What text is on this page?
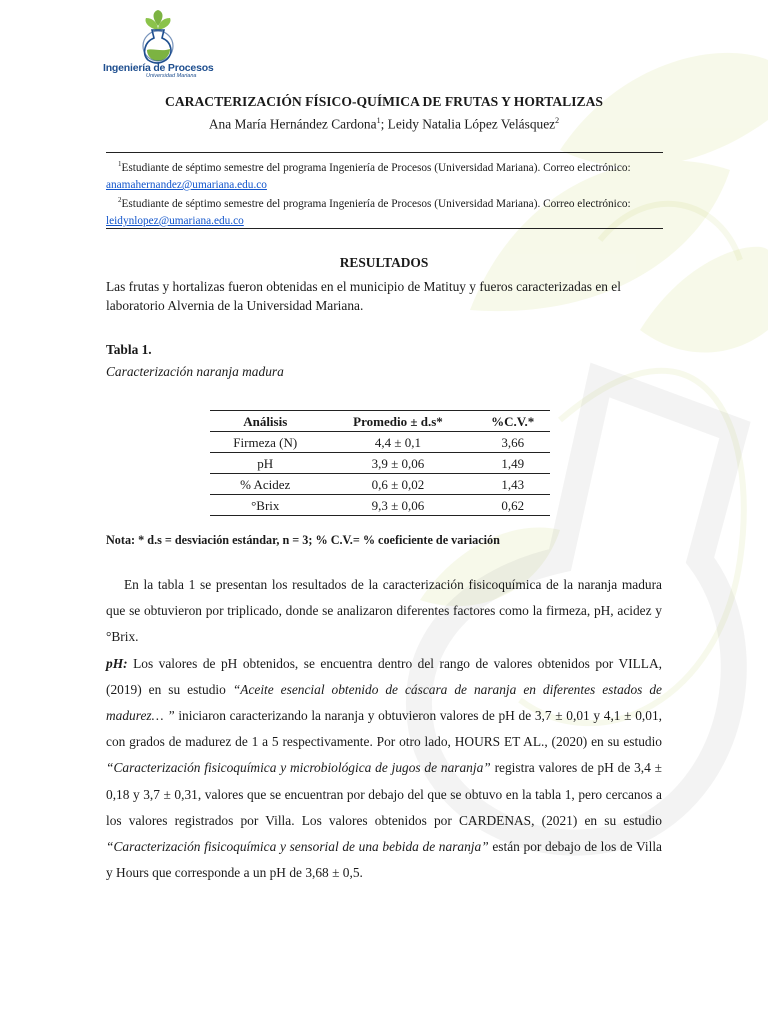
Ingeniería de Procesos
Universidad Mariana
CARACTERIZACIÓN FÍSICO-QUÍMICA DE FRUTAS Y HORTALIZAS
Ana María Hernández Cardona$^1$; Leidy Natalia López Velásquez$^2$
$^1$Estudiante de séptimo semestre del programa Ingeniería de Procesos (Universidad Mariana). Correo electrónico: anamahernandez@umariana.edu.co
$^2$Estudiante de séptimo semestre del programa Ingeniería de Procesos (Universidad Mariana). Correo electrónico: leidynlopez@umariana.edu.co
RESULTADOS
Las frutas y hortalizas fueron obtenidas en el municipio de Matituy y fueros caracterizadas en el laboratorio Alvernia de la Universidad Mariana.
Tabla 1.
Caracterización naranja madura
Análisis	Promedio ± d.s*	%C.V.*
Firmeza (N)	4,4 ± 0,1	3,66
pH	3,9 ± 0,06	1,49
% Acidez	0,6 ± 0,02	1,43
°Brix	9,3 ± 0,06	0,62
Nota: * d.s = desviación estándar, n = 3; % C.V.= % coeficiente de variación

En la tabla 1 se presentan los resultados de la caracterización fisicoquímica de la naranja madura que se obtuvieron por triplicado, donde se analizaron diferentes factores como la firmeza, pH, acidez y °Brix.

pH: Los valores de pH obtenidos, se encuentra dentro del rango de valores obtenidos por VILLA, (2019) en su estudio “Aceite esencial obtenido de cáscara de naranja en diferentes estados de madurez… ” iniciaron caracterizando la naranja y obtuvieron valores de pH de 3,7 ± 0,01 y 4,1 ± 0,01, con grados de madurez de 1 a 5 respectivamente. Por otro lado, HOURS ET AL., (2020) en su estudio “Caracterización fisicoquímica y microbiológica de jugos de naranja” registra valores de pH de 3,4 ± 0,18 y 3,7 ± 0,31, valores que se encuentran por debajo del que se obtuvo en la tabla 1, pero cercanos a los valores registrados por Villa. Los valores obtenidos por CARDENAS, (2021) en su estudio “Caracterización fisicoquímica y sensorial de una bebida de naranja” están por debajo de los de Villa y Hours que corresponde a un pH de 3,68 ± 0,5.
